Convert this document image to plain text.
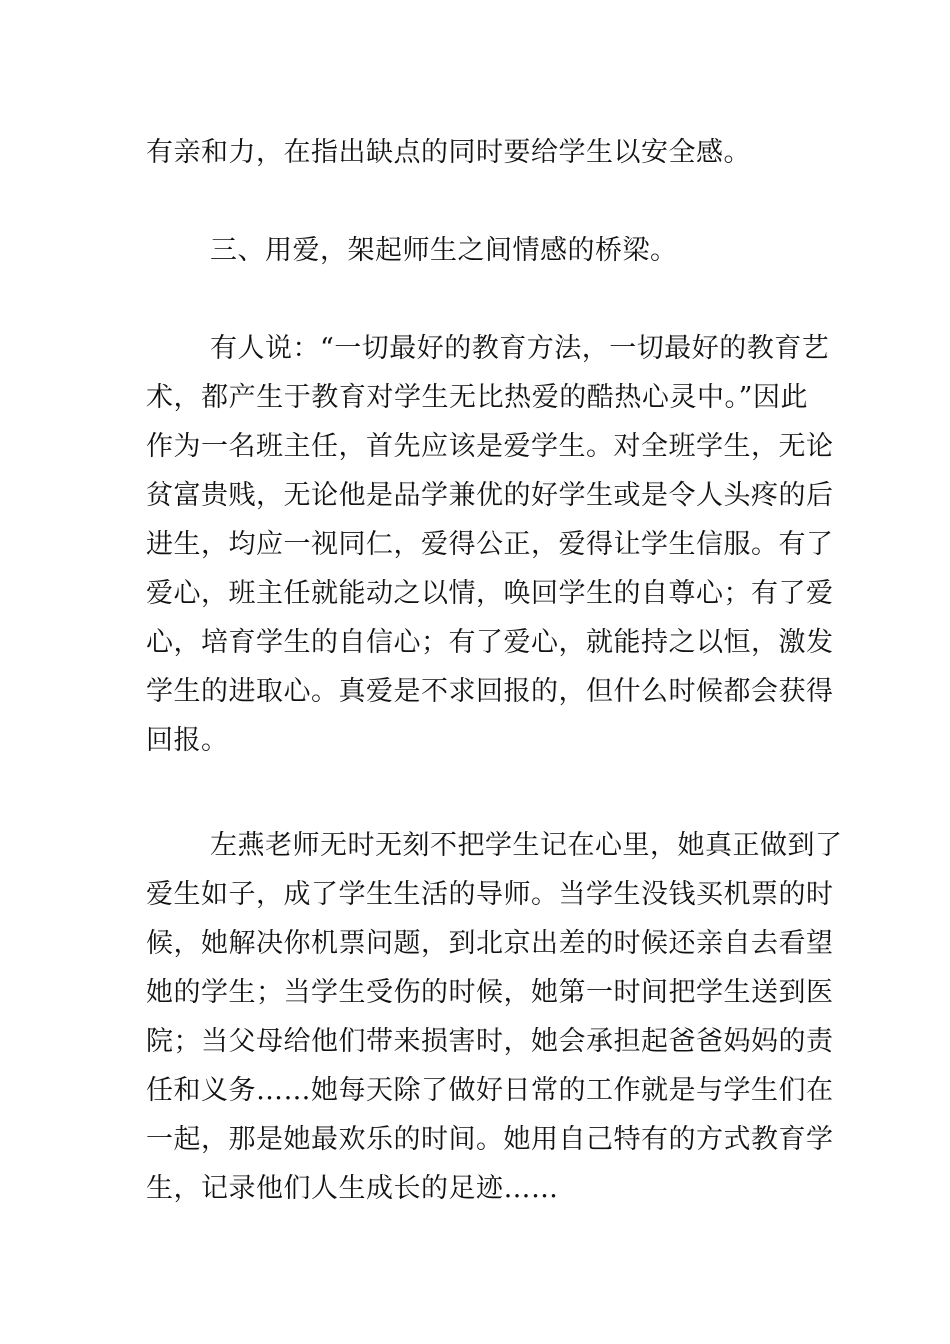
有亲和力，在指出缺点的同时要给学生以安全感。
三、用爱，架起师生之间情感的桥梁。
有人说：“一切最好的教育方法，一切最好的教育艺
术，都产生于教育对学生无比热爱的酷热心灵中。”因此
作为一名班主任，首先应该是爱学生。对全班学生，无论
贫富贵贱，无论他是品学兼优的好学生或是令人头疼的后
进生，均应一视同仁，爱得公正，爱得让学生信服。有了
爱心，班主任就能动之以情，唤回学生的自尊心；有了爱
心，培育学生的自信心；有了爱心，就能持之以恒，激发
学生的进取心。真爱是不求回报的，但什么时候都会获得
回报。
左燕老师无时无刻不把学生记在心里，她真正做到了
爱生如子，成了学生生活的导师。当学生没钱买机票的时
候，她解决你机票问题，到北京出差的时候还亲自去看望
她的学生；当学生受伤的时候，她第一时间把学生送到医
院；当父母给他们带来损害时，她会承担起爸爸妈妈的责
任和义务……她每天除了做好日常的工作就是与学生们在
一起，那是她最欢乐的时间。她用自己特有的方式教育学
生，记录他们人生成长的足迹……
